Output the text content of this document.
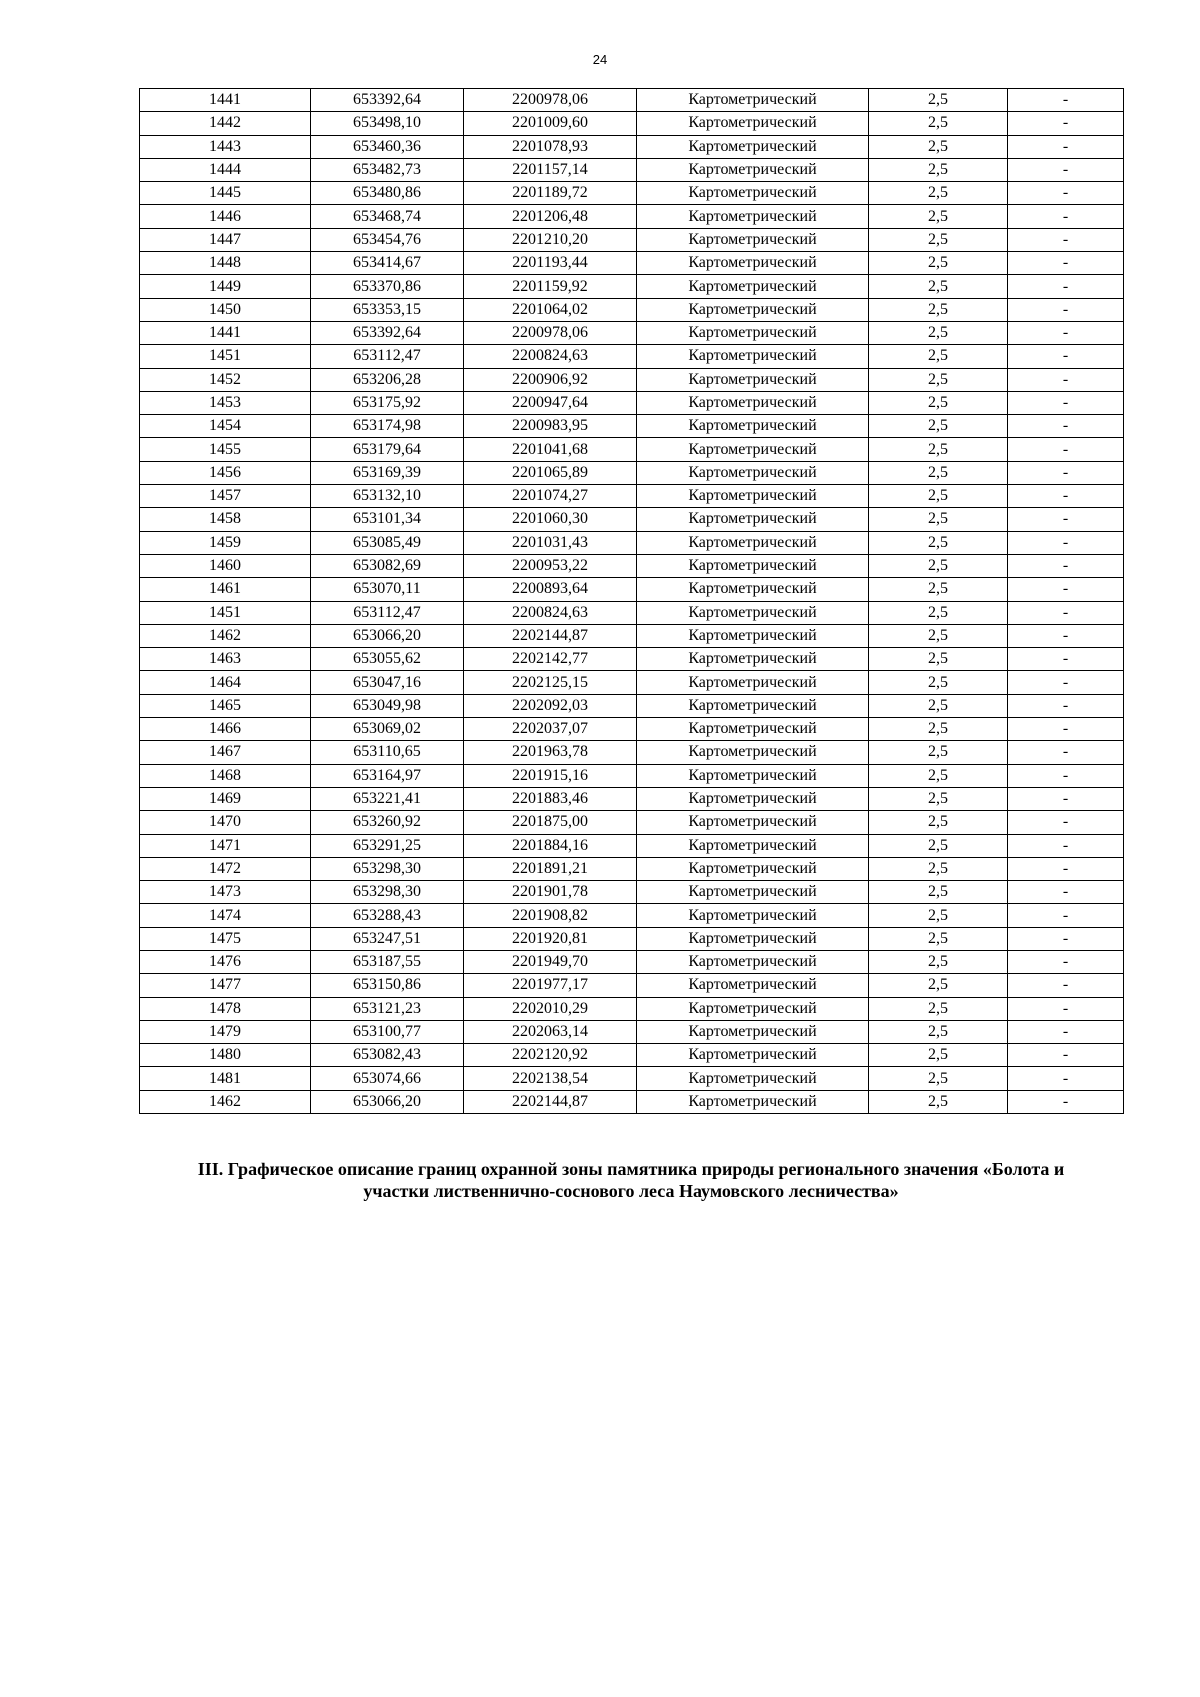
24
1441	653392,64	2200978,06	Картометрический	2,5	-
1442	653498,10	2201009,60	Картометрический	2,5	-
1443	653460,36	2201078,93	Картометрический	2,5	-
1444	653482,73	2201157,14	Картометрический	2,5	-
1445	653480,86	2201189,72	Картометрический	2,5	-
1446	653468,74	2201206,48	Картометрический	2,5	-
1447	653454,76	2201210,20	Картометрический	2,5	-
1448	653414,67	2201193,44	Картометрический	2,5	-
1449	653370,86	2201159,92	Картометрический	2,5	-
1450	653353,15	2201064,02	Картометрический	2,5	-
1441	653392,64	2200978,06	Картометрический	2,5	-
1451	653112,47	2200824,63	Картометрический	2,5	-
1452	653206,28	2200906,92	Картометрический	2,5	-
1453	653175,92	2200947,64	Картометрический	2,5	-
1454	653174,98	2200983,95	Картометрический	2,5	-
1455	653179,64	2201041,68	Картометрический	2,5	-
1456	653169,39	2201065,89	Картометрический	2,5	-
1457	653132,10	2201074,27	Картометрический	2,5	-
1458	653101,34	2201060,30	Картометрический	2,5	-
1459	653085,49	2201031,43	Картометрический	2,5	-
1460	653082,69	2200953,22	Картометрический	2,5	-
1461	653070,11	2200893,64	Картометрический	2,5	-
1451	653112,47	2200824,63	Картометрический	2,5	-
1462	653066,20	2202144,87	Картометрический	2,5	-
1463	653055,62	2202142,77	Картометрический	2,5	-
1464	653047,16	2202125,15	Картометрический	2,5	-
1465	653049,98	2202092,03	Картометрический	2,5	-
1466	653069,02	2202037,07	Картометрический	2,5	-
1467	653110,65	2201963,78	Картометрический	2,5	-
1468	653164,97	2201915,16	Картометрический	2,5	-
1469	653221,41	2201883,46	Картометрический	2,5	-
1470	653260,92	2201875,00	Картометрический	2,5	-
1471	653291,25	2201884,16	Картометрический	2,5	-
1472	653298,30	2201891,21	Картометрический	2,5	-
1473	653298,30	2201901,78	Картометрический	2,5	-
1474	653288,43	2201908,82	Картометрический	2,5	-
1475	653247,51	2201920,81	Картометрический	2,5	-
1476	653187,55	2201949,70	Картометрический	2,5	-
1477	653150,86	2201977,17	Картометрический	2,5	-
1478	653121,23	2202010,29	Картометрический	2,5	-
1479	653100,77	2202063,14	Картометрический	2,5	-
1480	653082,43	2202120,92	Картометрический	2,5	-
1481	653074,66	2202138,54	Картометрический	2,5	-
1462	653066,20	2202144,87	Картометрический	2,5	-
III. Графическое описание границ охранной зоны памятника природы регионального значения «Болота и
участки лиственнично-соснового леса Наумовского лесничества»
